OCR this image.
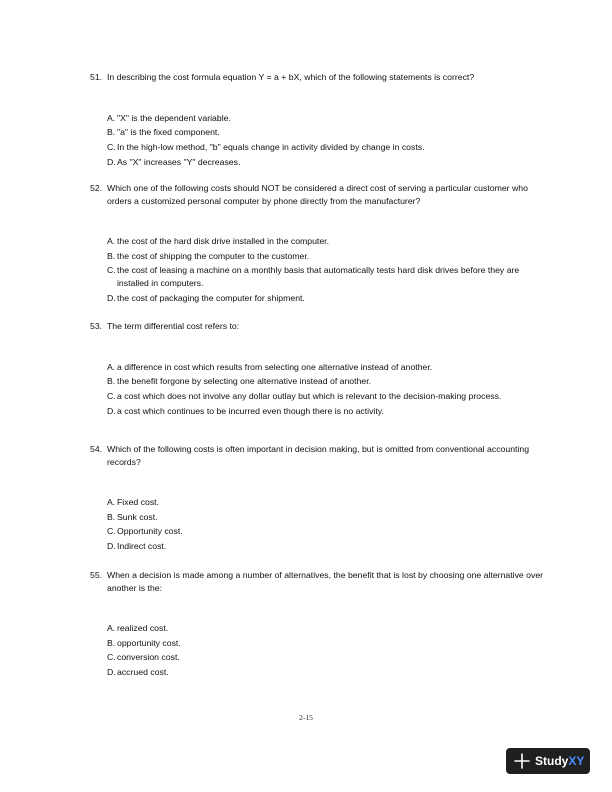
51. In describing the cost formula equation Y = a + bX, which of the following statements is correct?
A. "X" is the dependent variable.
B. "a" is the fixed component.
C. In the high-low method, "b" equals change in activity divided by change in costs.
D. As "X" increases "Y" decreases.
52. Which one of the following costs should NOT be considered a direct cost of serving a particular customer who orders a customized personal computer by phone directly from the manufacturer?
A. the cost of the hard disk drive installed in the computer.
B. the cost of shipping the computer to the customer.
C. the cost of leasing a machine on a monthly basis that automatically tests hard disk drives before they are installed in computers.
D. the cost of packaging the computer for shipment.
53. The term differential cost refers to:
A. a difference in cost which results from selecting one alternative instead of another.
B. the benefit forgone by selecting one alternative instead of another.
C. a cost which does not involve any dollar outlay but which is relevant to the decision-making process.
D. a cost which continues to be incurred even though there is no activity.
54. Which of the following costs is often important in decision making, but is omitted from conventional accounting records?
A. Fixed cost.
B. Sunk cost.
C. Opportunity cost.
D. Indirect cost.
55. When a decision is made among a number of alternatives, the benefit that is lost by choosing one alternative over another is the:
A. realized cost.
B. opportunity cost.
C. conversion cost.
D. accrued cost.
2-15
StudyXY
